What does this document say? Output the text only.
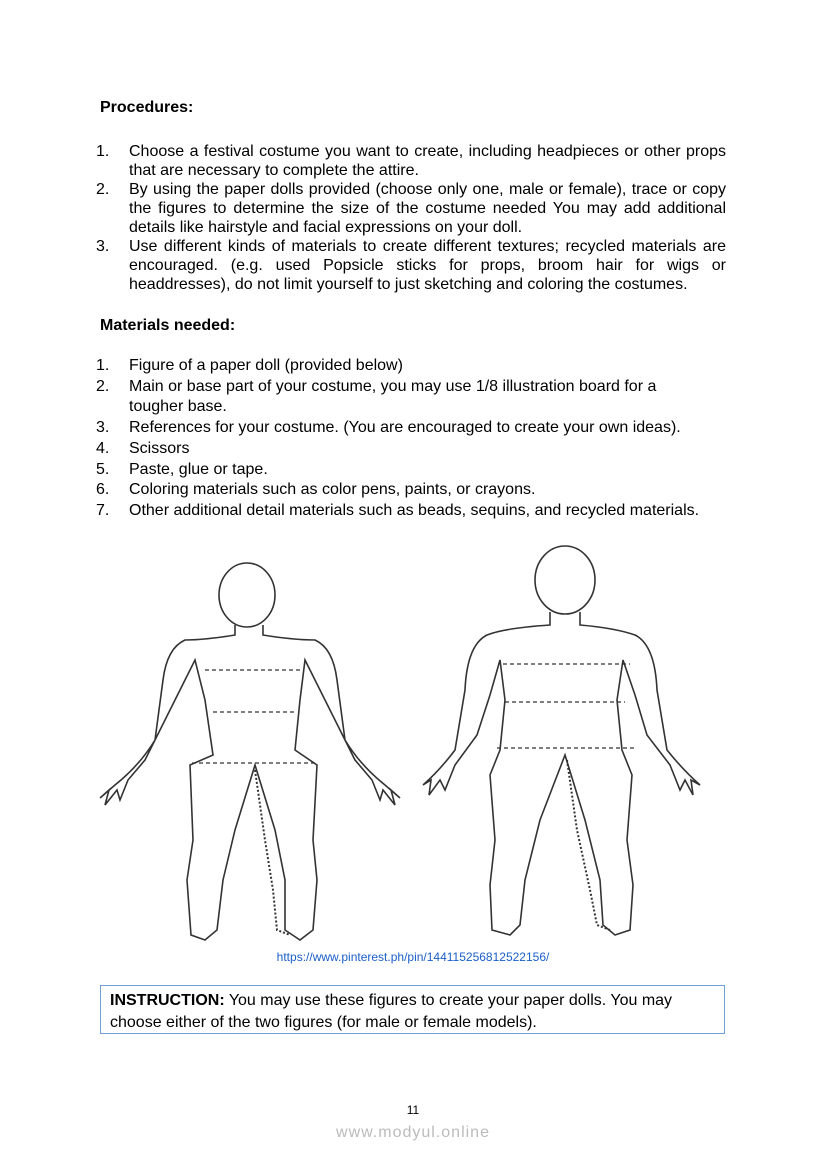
Procedures:
1. Choose a festival costume you want to create, including headpieces or other props that are necessary to complete the attire.
2. By using the paper dolls provided (choose only one, male or female), trace or copy the figures to determine the size of the costume needed You may add additional details like hairstyle and facial expressions on your doll.
3. Use different kinds of materials to create different textures; recycled materials are encouraged. (e.g. used Popsicle sticks for props, broom hair for wigs or headdresses), do not limit yourself to just sketching and coloring the costumes.
Materials needed:
1. Figure of a paper doll (provided below)
2. Main or base part of your costume, you may use 1/8 illustration board for a tougher base.
3. References for your costume. (You are encouraged to create your own ideas).
4. Scissors
5. Paste, glue or tape.
6. Coloring materials such as color pens, paints, or crayons.
7. Other additional detail materials such as beads, sequins, and recycled materials.
https://www.pinterest.ph/pin/144115256812522156/
INSTRUCTION: You may use these figures to create your paper dolls. You may choose either of the two figures (for male or female models).
11
www.modyul.online
